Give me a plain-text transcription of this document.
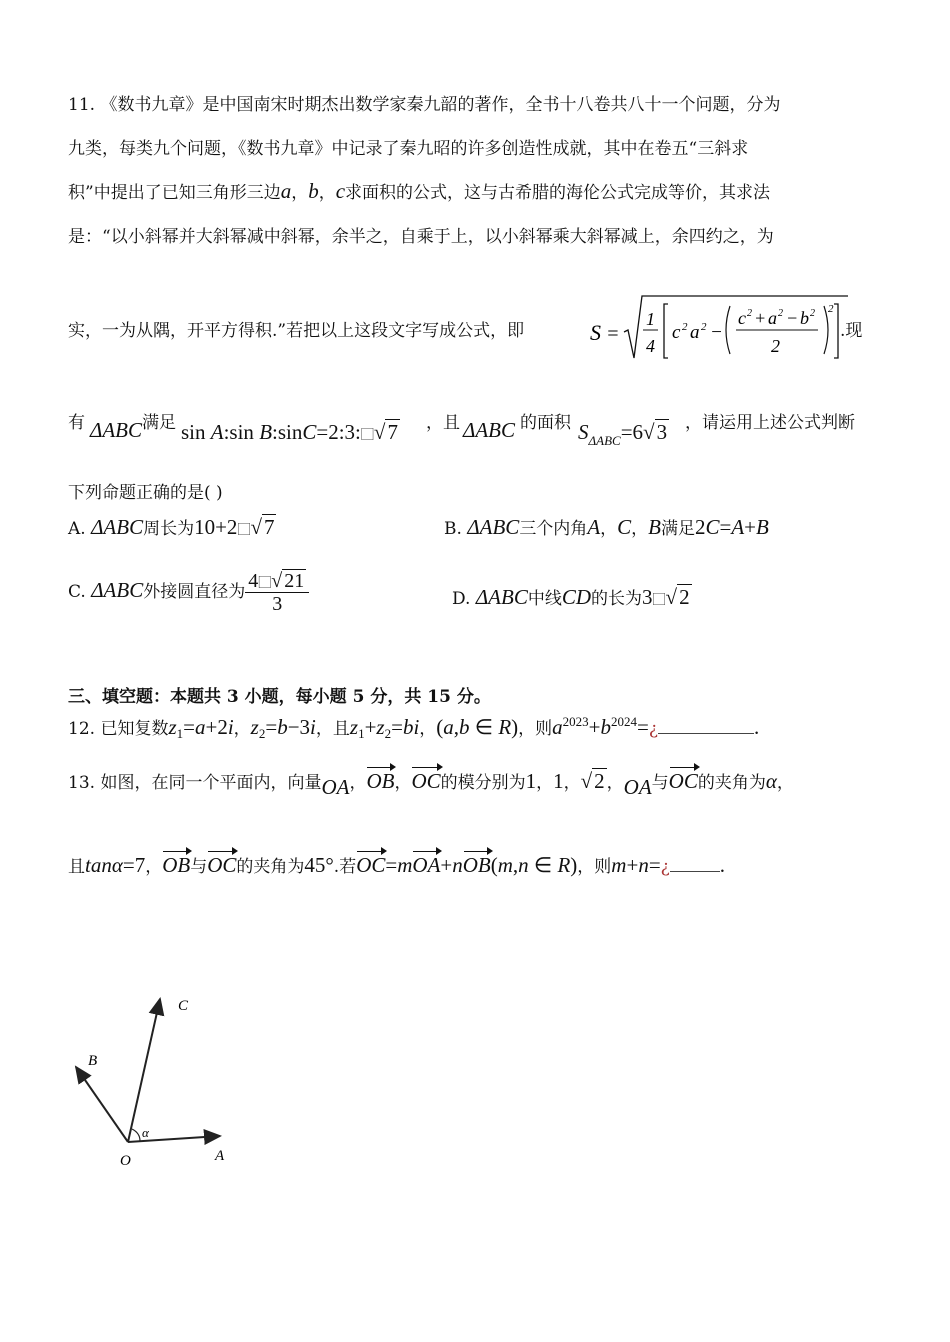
11. 《数书九章》是中国南宋时期杰出数学家秦九韶的著作，全书十八卷共八十一个问题，分为
九类，每类九个问题，《数书九章》中记录了秦九昭的许多创造性成就，其中在卷五“三斜求
积”中提出了已知三角形三边a，b，c求面积的公式，这与古希腊的海伦公式完成等价，其求法
是：“以小斜幂并大斜幂减中斜幂，余半之，自乘于上，以小斜幂乘大斜幂减上，余四约之，为
实，一为从隅，开平方得积.”若把以上这段文字写成公式，即	S =
1
4
c 2 a 2 −
c 2 + a 2 − b 2
2
2
.现
有 ΔABC 满足 sin A:sin B:sinC=2:3:⃞√7 ，且 ΔABC 的面积 $S_{\Delta ABC}=6√3$ ，请运用上述公式判断
下列命题正确的是( )
A. ΔABC周长为10+2⃞√7	B. ΔABC三个内角A，C，B满足2C=A+B
C. ΔABC外接圆直径为 $\frac{4⃞√ 21}{3}$	D. ΔABC中线CD的长为3⃞√2
三、填空题：本题共 3 小题，每小题 5 分，共 15 分。
12. 已知复数$z_1=a+2i$，$z_2=b-3i$，且$z_1+z_2=bi$，(a,b ∈ R)，则$a^{2023}+b^{2024}=¿$	.
13. 如图，在同一个平面内，向量OA，OB，OC的模分别为1，1，√2 ，OA与OC的夹角为α，
且tanα=7，OB与OC的夹角为45°.若OC=mOA+nOB(m,n ∈ R)，则m+n=¿ .
C
B
α
O	A
